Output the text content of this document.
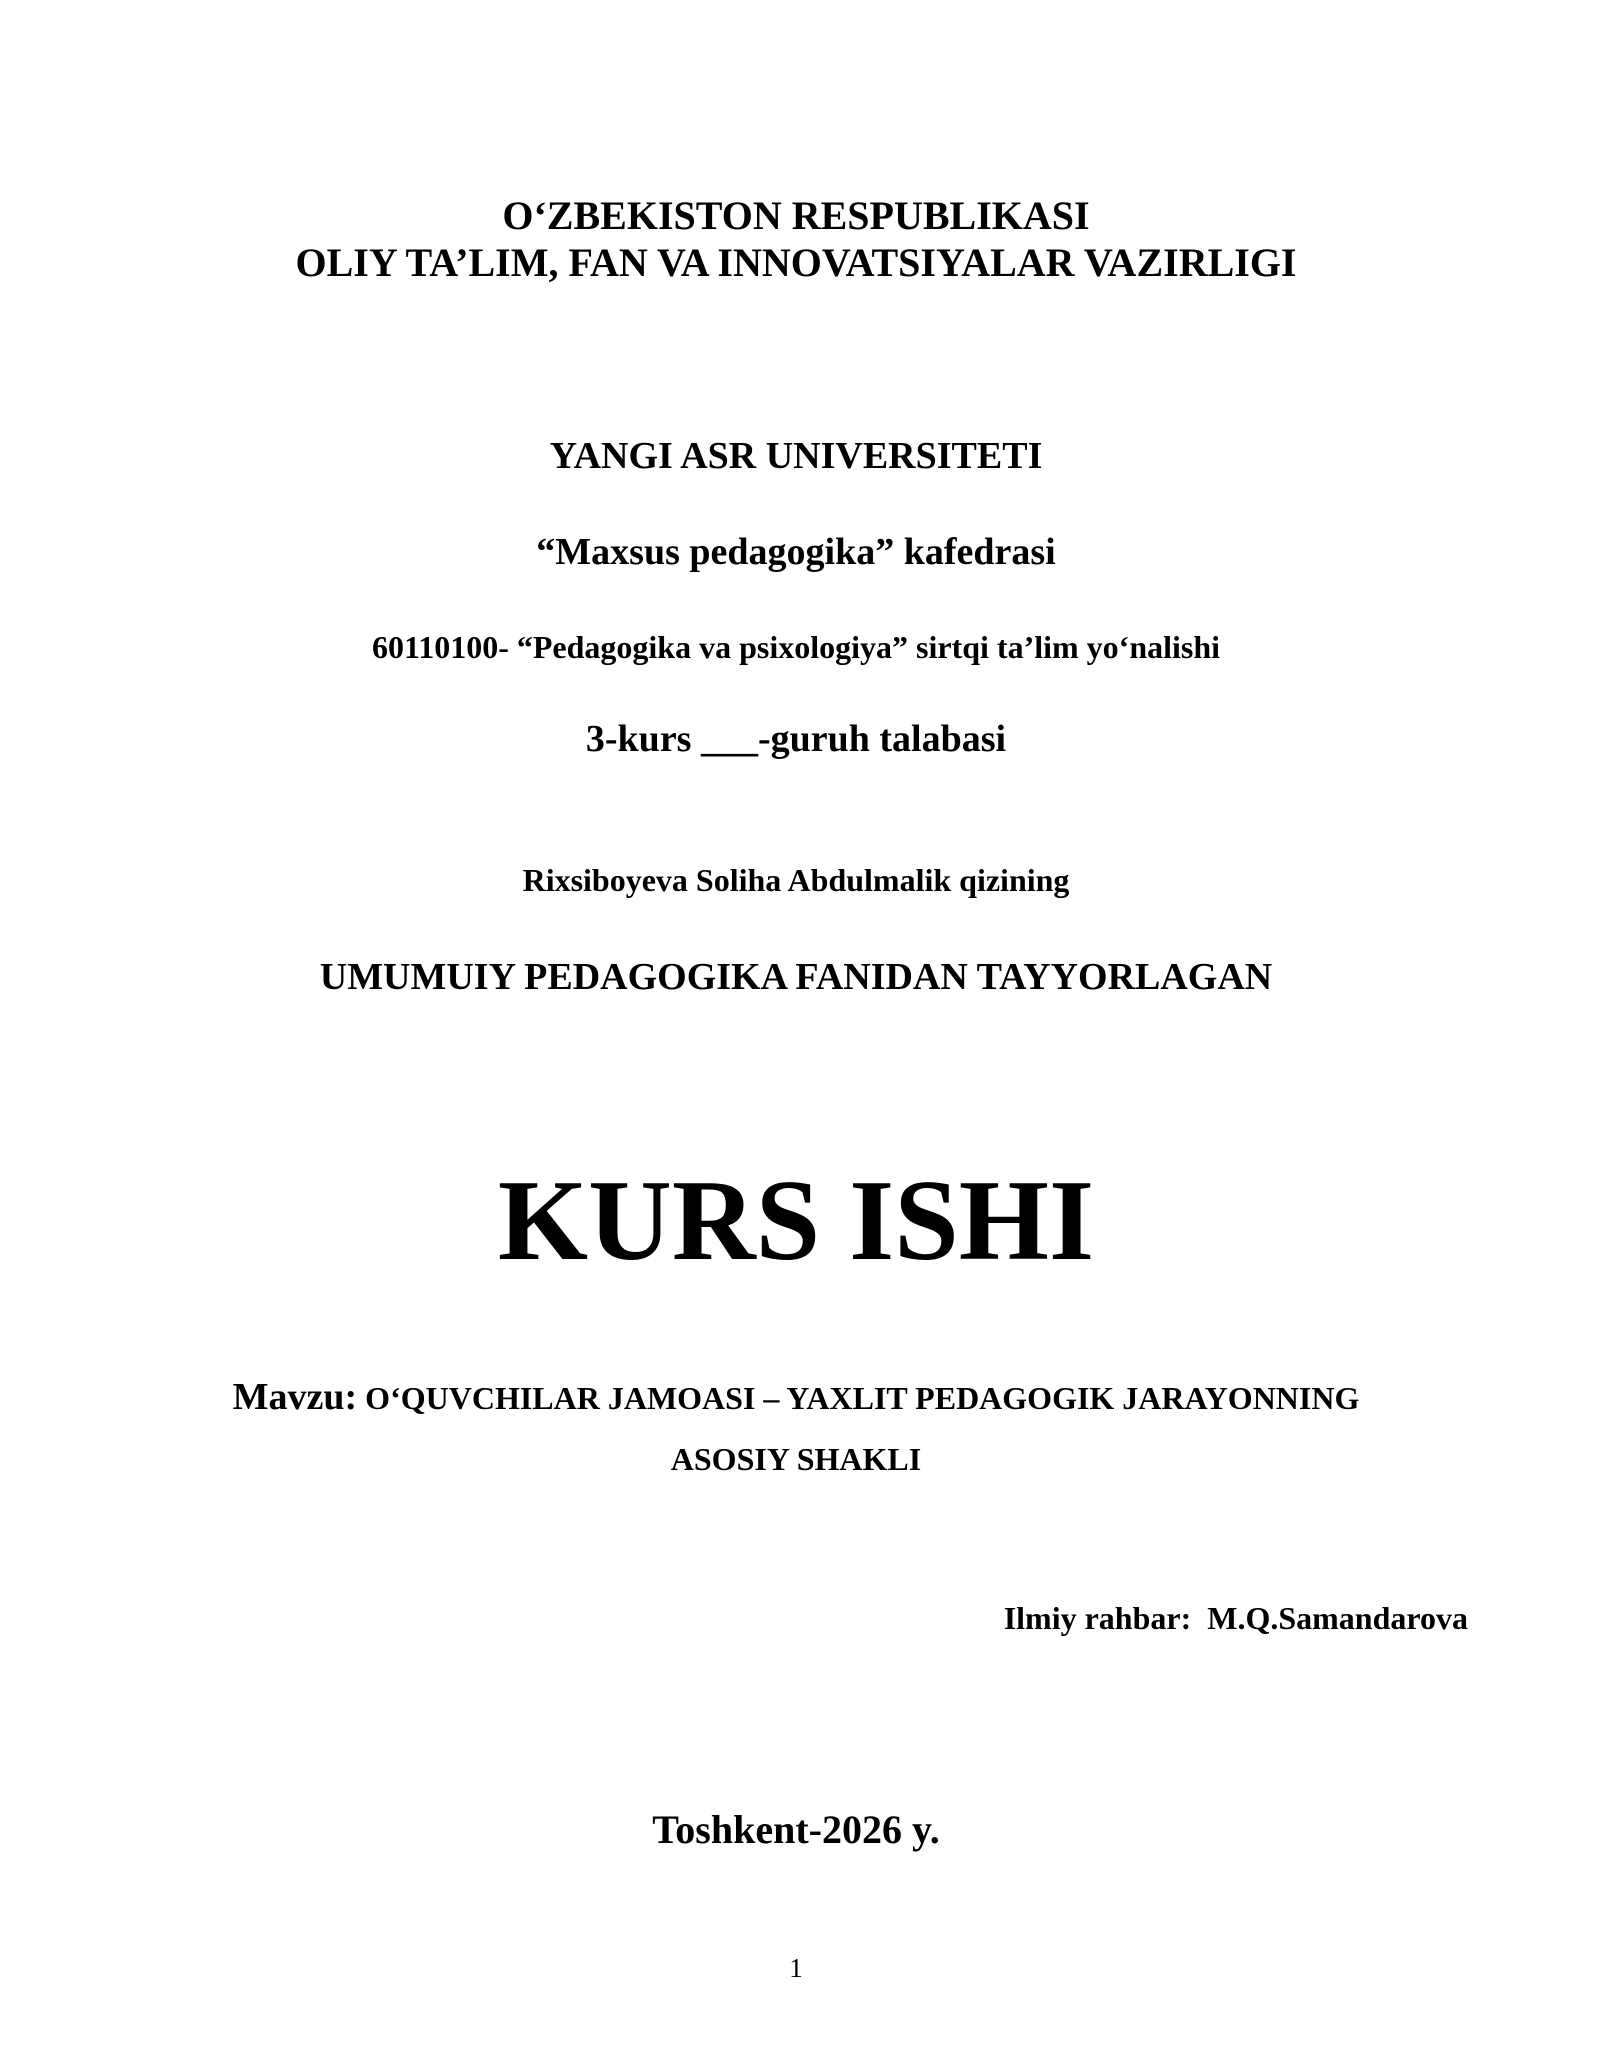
O‘ZBEKISTON RESPUBLIKASI
OLIY TA’LIM, FAN VA INNOVATSIYALAR VAZIRLIGI
YANGI ASR UNIVERSITETI
“Maxsus pedagogika” kafedrasi
60110100- “Pedagogika va psixologiya” sirtqi ta’lim yo‘nalishi
3-kurs ___-guruh talabasi
Rixsiboyeva Soliha Abdulmalik qizining
UMUMUIY PEDAGOGIKA FANIDAN TAYYORLAGAN
KURS ISHI
Mavzu: O‘QUVCHILAR JAMOASI – YAXLIT PEDAGOGIK JARAYONNING
ASOSIY SHAKLI
Ilmiy rahbar: M.Q.Samandarova
Toshkent-2026 y.
1
